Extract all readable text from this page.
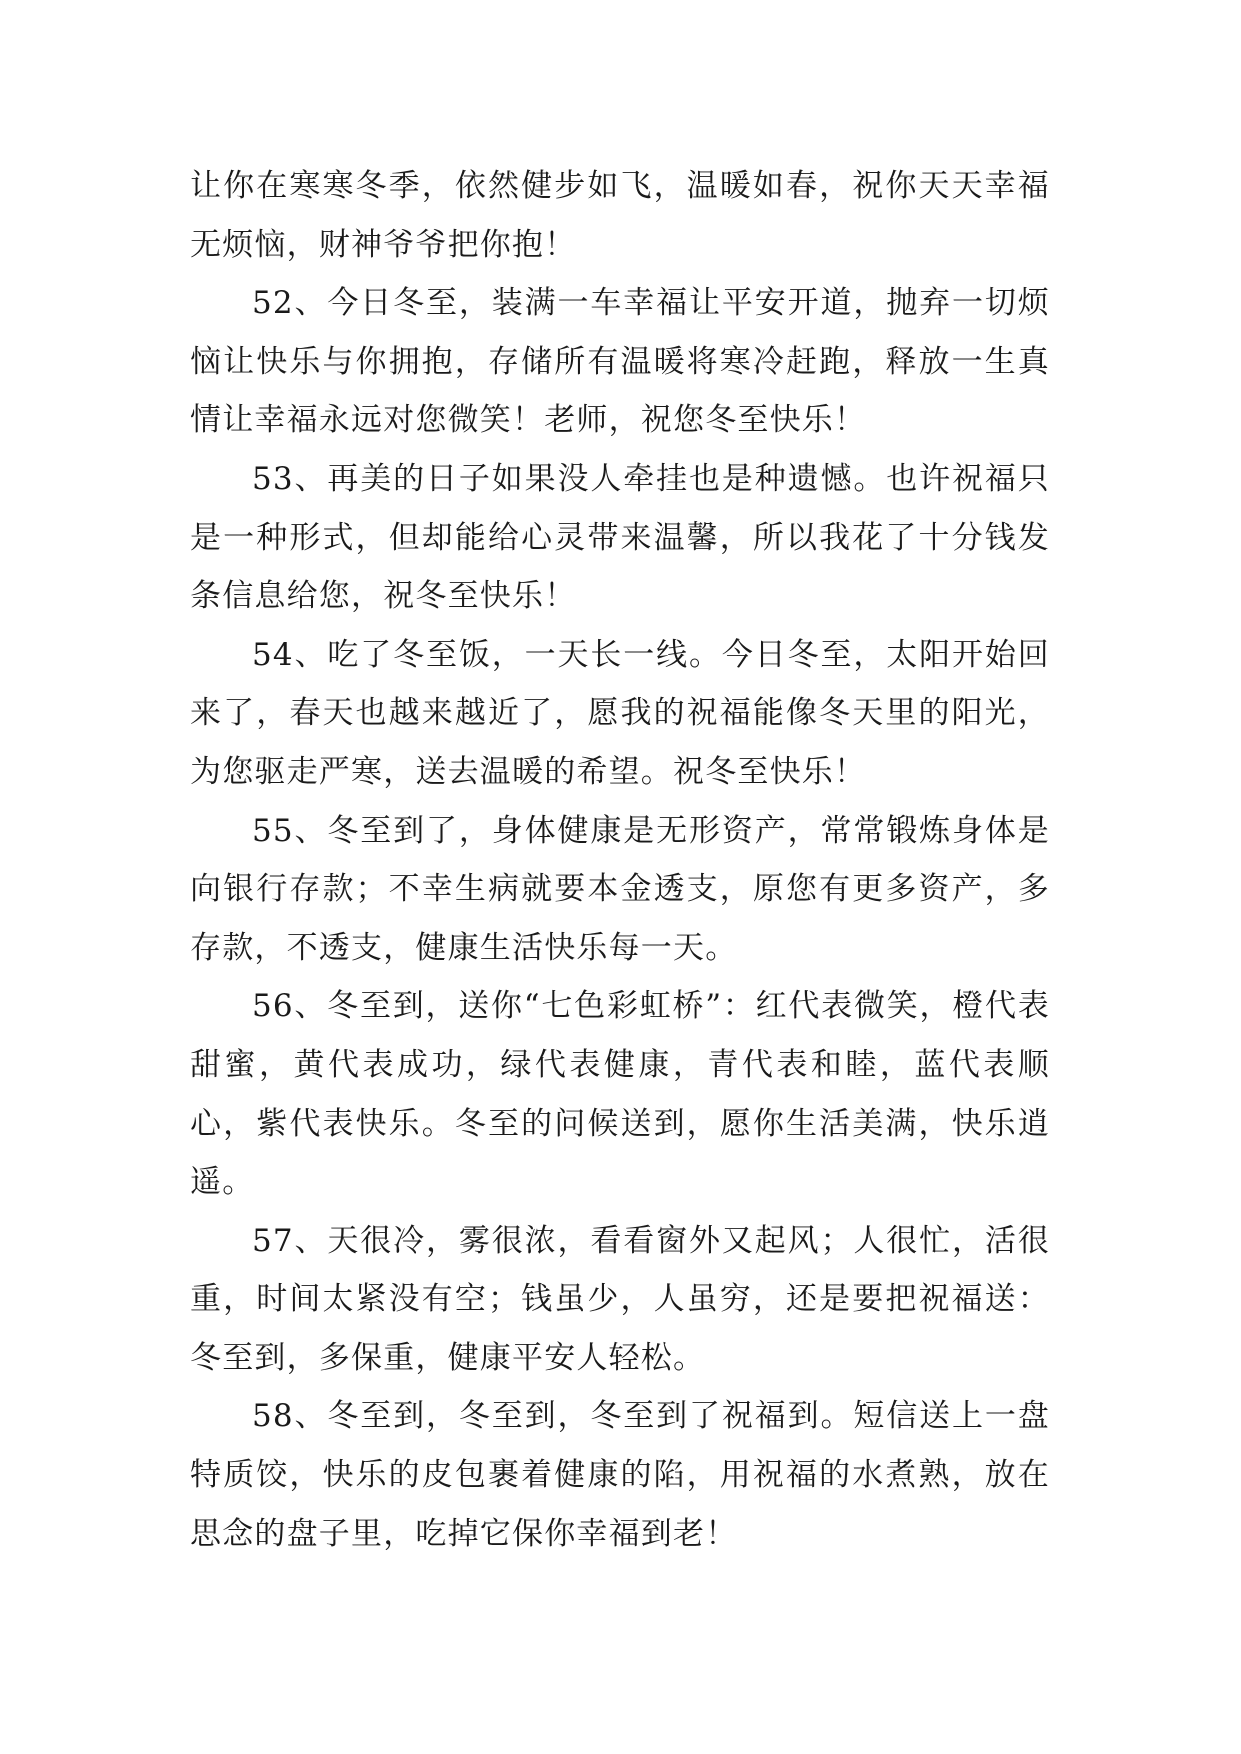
让你在寒寒冬季，依然健步如飞，温暖如春，祝你天天幸福无烦恼，财神爷爷把你抱！

52、今日冬至，装满一车幸福让平安开道，抛弃一切烦恼让快乐与你拥抱，存储所有温暖将寒冷赶跑，释放一生真情让幸福永远对您微笑！老师，祝您冬至快乐！

53、再美的日子如果没人牵挂也是种遗憾。也许祝福只是一种形式，但却能给心灵带来温馨，所以我花了十分钱发条信息给您，祝冬至快乐！

54、吃了冬至饭，一天长一线。今日冬至，太阳开始回来了，春天也越来越近了，愿我的祝福能像冬天里的阳光，为您驱走严寒，送去温暖的希望。祝冬至快乐！

55、冬至到了，身体健康是无形资产，常常锻炼身体是向银行存款；不幸生病就要本金透支，原您有更多资产，多存款，不透支，健康生活快乐每一天。

56、冬至到，送你“七色彩虹桥”：红代表微笑，橙代表甜蜜，黄代表成功，绿代表健康，青代表和睦，蓝代表顺心，紫代表快乐。冬至的问候送到，愿你生活美满，快乐逍遥。

57、天很冷，雾很浓，看看窗外又起风；人很忙，活很重，时间太紧没有空；钱虽少，人虽穷，还是要把祝福送：冬至到，多保重，健康平安人轻松。

58、冬至到，冬至到，冬至到了祝福到。短信送上一盘特质饺，快乐的皮包裹着健康的陷，用祝福的水煮熟，放在思念的盘子里，吃掉它保你幸福到老！
